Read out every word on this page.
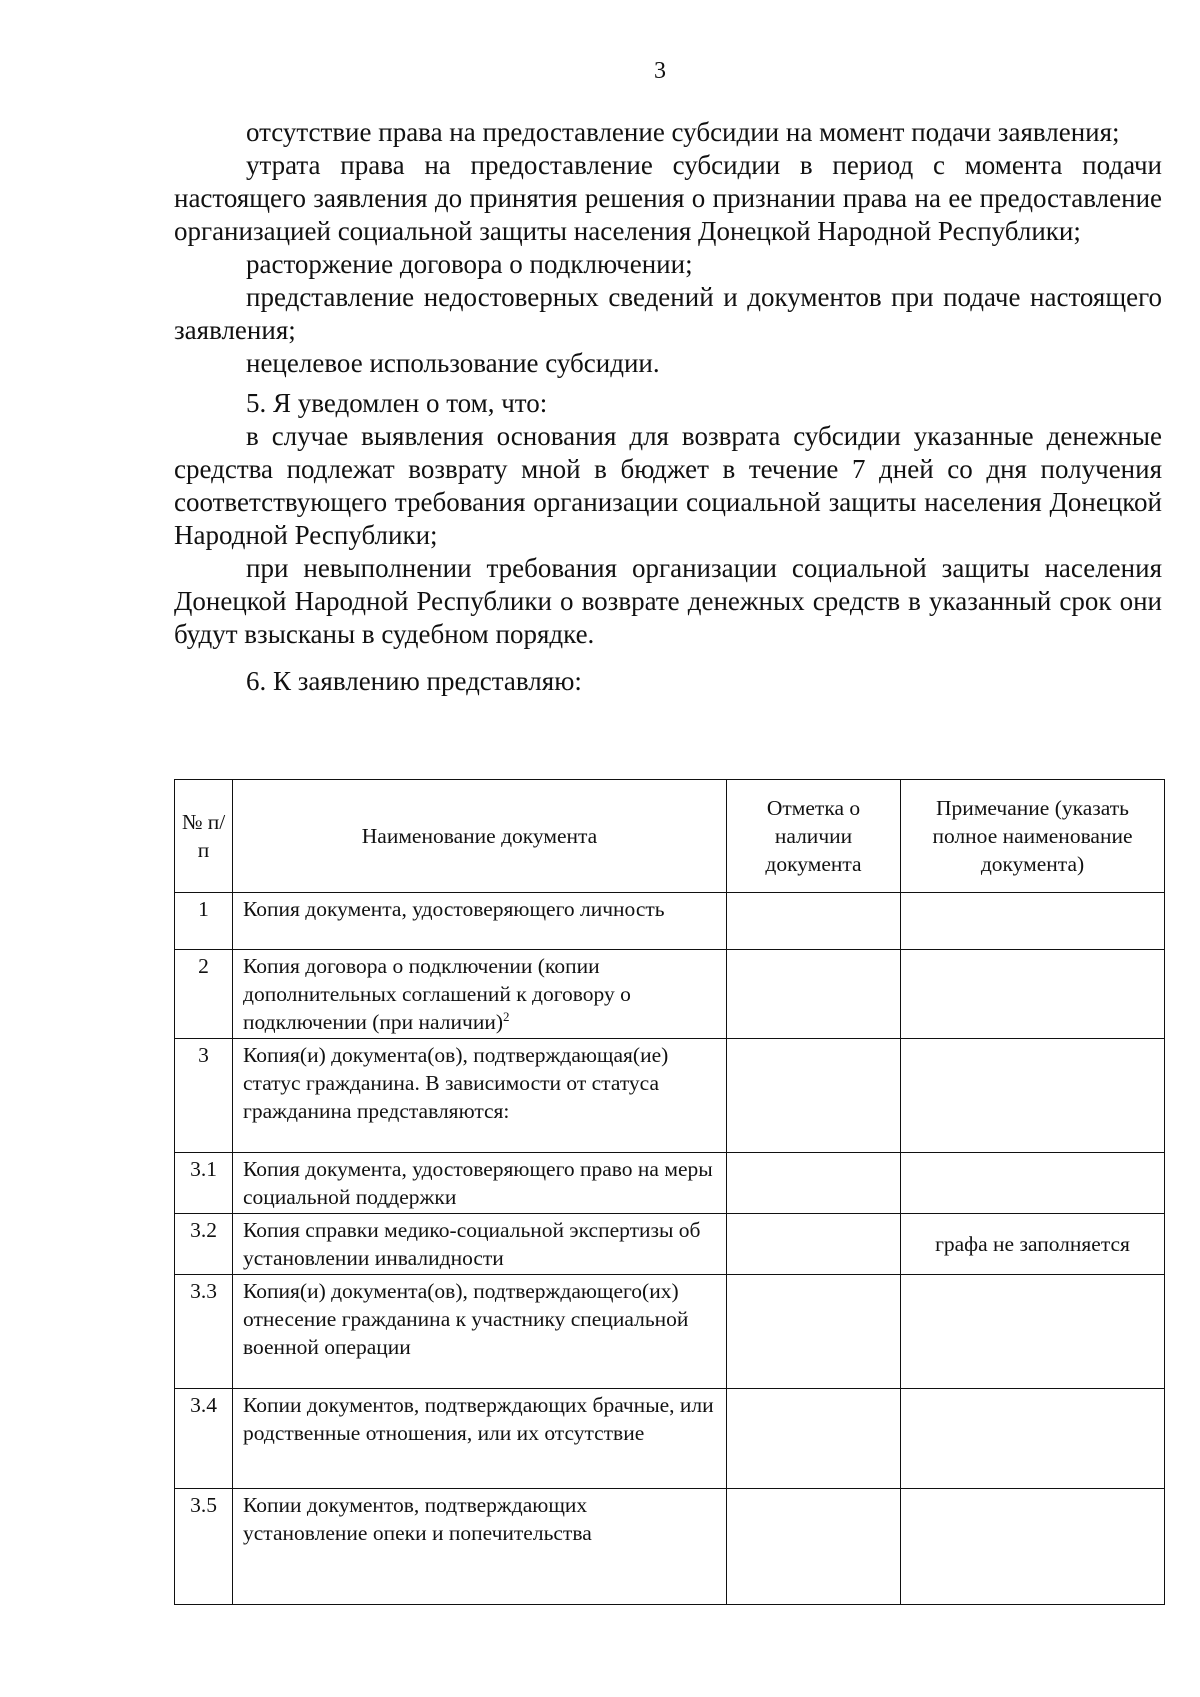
3

отсутствие права на предоставление субсидии на момент подачи заявления;

утрата права на предоставление субсидии в период с момента подачи настоящего заявления до принятия решения о признании права на ее предоставление организацией социальной защиты населения Донецкой Народной Республики;

расторжение договора о подключении;

представление недостоверных сведений и документов при подаче настоящего заявления;

нецелевое использование субсидии.

5. Я уведомлен о том, что:

в случае выявления основания для возврата субсидии указанные денежные средства подлежат возврату мной в бюджет в течение 7 дней со дня получения соответствующего требования организации социальной защиты населения Донецкой Народной Республики;

при невыполнении требования организации социальной защиты населения Донецкой Народной Республики о возврате денежных средств в указанный срок они будут взысканы в судебном порядке.

6. К заявлению представляю:

№ п/п	Наименование документа	Отметка о наличии документа	Примечание (указать полное наименование документа)
1	Копия документа, удостоверяющего личность		
2	Копия договора о подключении (копии дополнительных соглашений к договору о подключении (при наличии)$^2$		
3	Копия(и) документа(ов), подтверждающая(ие) статус гражданина. В зависимости от статуса гражданина представляются:		
3.1	Копия документа, удостоверяющего право на меры социальной поддержки		
3.2	Копия справки медико-социальной экспертизы об установлении инвалидности		графа не заполняется
3.3	Копия(и) документа(ов), подтверждающего(их) отнесение гражданина к участнику специальной военной операции		
3.4	Копии документов, подтверждающих брачные, или родственные отношения, или их отсутствие		
3.5	Копии документов, подтверждающих установление опеки и попечительства		
